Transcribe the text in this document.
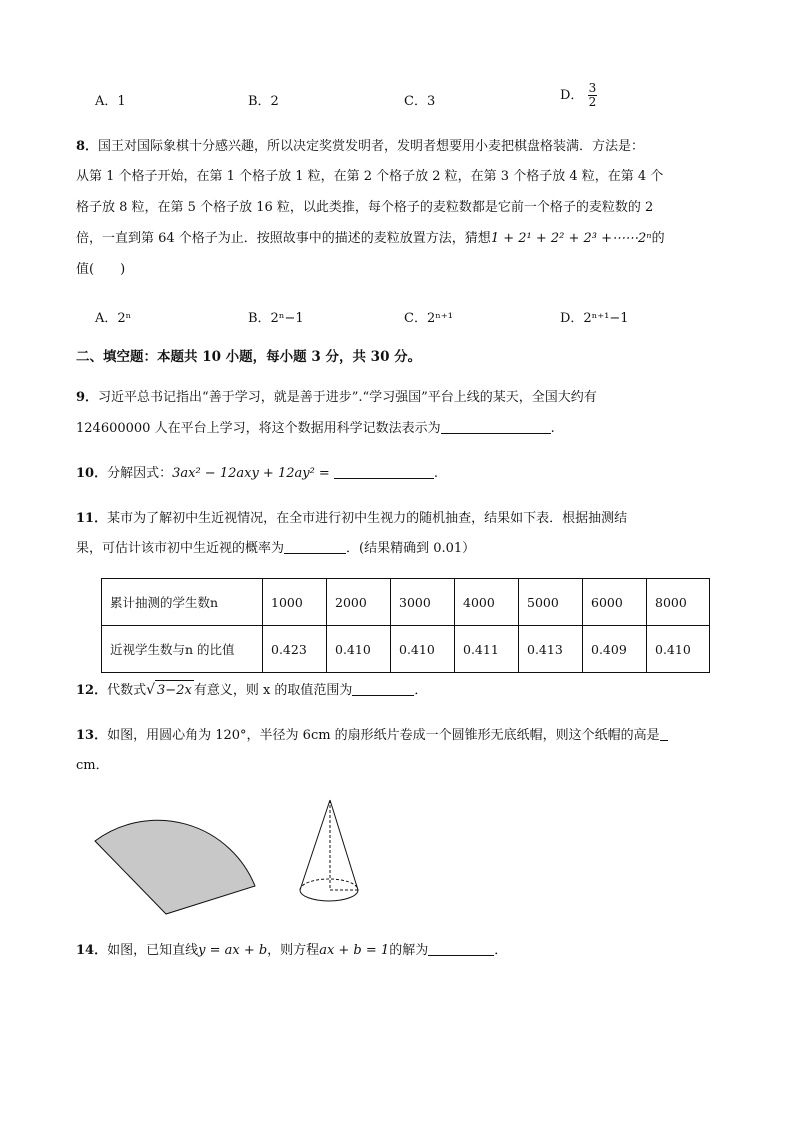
A．1	B．2	C．3	D． $\frac{3}{2}$
8．国王对国际象棋十分感兴趣，所以决定奖赏发明者，发明者想要用小麦把棋盘格装满．方法是：
从第 1 个格子开始，在第 1 个格子放 1 粒，在第 2 个格子放 2 粒，在第 3 个格子放 4 粒，在第 4 个
格子放 8 粒，在第 5 个格子放 16 粒，以此类推，每个格子的麦粒数都是它前一个格子的麦粒数的 2
倍，一直到第 64 个格子为止．按照故事中的描述的麦粒放置方法，猜想1 + 2¹ + 2² + 2³ +⋯⋯2ⁿ的
值(　　)
A．2ⁿ	B．2ⁿ−1	C．2ⁿ⁺¹	D．2ⁿ⁺¹−1
二、填空题：本题共 10 小题，每小题 3 分，共 30 分。
9．习近平总书记指出“善于学习，就是善于进步”.“学习强国”平台上线的某天，全国大约有
124600000 人在平台上学习，将这个数据用科学记数法表示为	.
10．分解因式：3ax² − 12axy + 12ay² =	.
11．某市为了解初中生近视情况，在全市进行初中生视力的随机抽查，结果如下表．根据抽测结
果，可估计该市初中生近视的概率为	．(结果精确到 0.01）
累计抽测的学生数n	1000	2000	3000	4000	5000	6000	8000
近视学生数与n 的比值	0.423	0.410	0.410	0.411	0.413	0.409	0.410
12．代数式√ 3−2x 有意义，则 x 的取值范围为	．
13．如图，用圆心角为 120°，半径为 6cm 的扇形纸片卷成一个圆锥形无底纸帽，则这个纸帽的高是
cm．
14．如图，已知直线y = ax + b，则方程ax + b = 1的解为	．
